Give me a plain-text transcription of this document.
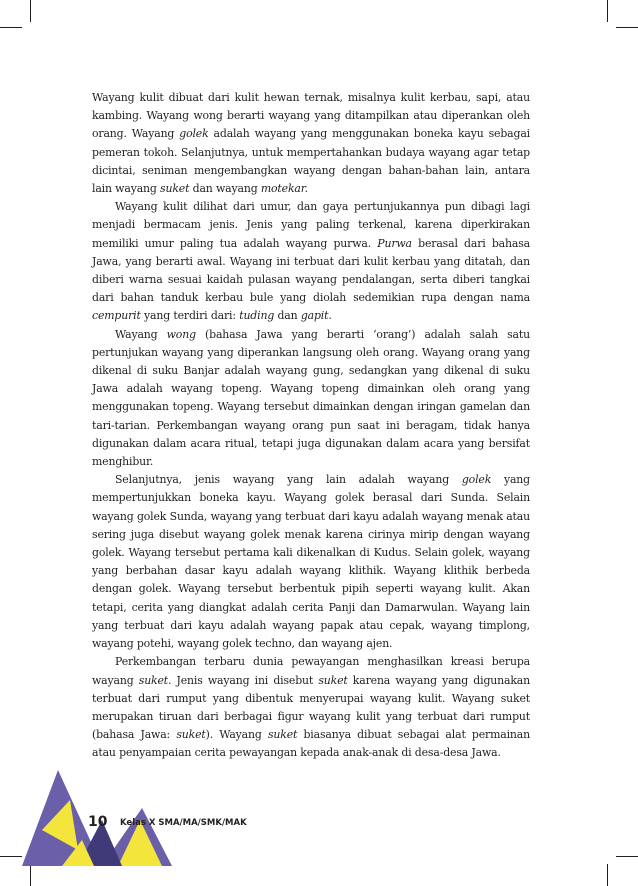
Wayang kulit dibuat dari kulit hewan ternak, misalnya kulit kerbau, sapi, atau kambing. Wayang wong berarti wayang yang ditampilkan atau diperankan oleh orang. Wayang golek adalah wayang yang menggunakan boneka kayu sebagai pemeran tokoh. Selanjutnya, untuk mempertahankan budaya wayang agar tetap dicintai, seniman mengembangkan wayang dengan bahan-bahan lain, antara lain wayang suket dan wayang motekar.

Wayang kulit dilihat dari umur, dan gaya pertunjukannya pun dibagi lagi menjadi bermacam jenis. Jenis yang paling terkenal, karena diperkirakan memiliki umur paling tua adalah wayang purwa. Purwa berasal dari bahasa Jawa, yang berarti awal. Wayang ini terbuat dari kulit kerbau yang ditatah, dan diberi warna sesuai kaidah pulasan wayang pendalangan, serta diberi tangkai dari bahan tanduk kerbau bule yang diolah sedemikian rupa dengan nama cempurit yang terdiri dari: tuding dan gapit.

Wayang wong (bahasa Jawa yang berarti ‘orang’) adalah salah satu pertunjukan wayang yang diperankan langsung oleh orang. Wayang orang yang dikenal di suku Banjar adalah wayang gung, sedangkan yang dikenal di suku Jawa adalah wayang topeng. Wayang topeng dimainkan oleh orang yang menggunakan topeng. Wayang tersebut dimainkan dengan iringan gamelan dan tari-tarian. Perkembangan wayang orang pun saat ini beragam, tidak hanya digunakan dalam acara ritual, tetapi juga digunakan dalam acara yang bersifat menghibur.

Selanjutnya, jenis wayang yang lain adalah wayang golek yang mempertunjukkan boneka kayu. Wayang golek berasal dari Sunda. Selain wayang golek Sunda, wayang yang terbuat dari kayu adalah wayang menak atau sering juga disebut wayang golek menak karena cirinya mirip dengan wayang golek. Wayang tersebut pertama kali dikenalkan di Kudus. Selain golek, wayang yang berbahan dasar kayu adalah wayang klithik. Wayang klithik berbeda dengan golek. Wayang tersebut berbentuk pipih seperti wayang kulit. Akan tetapi, cerita yang diangkat adalah cerita Panji dan Damarwulan. Wayang lain yang terbuat dari kayu adalah wayang papak atau cepak, wayang timplong, wayang potehi, wayang golek techno, dan wayang ajen.

Perkembangan terbaru dunia pewayangan menghasilkan kreasi berupa wayang suket. Jenis wayang ini disebut suket karena wayang yang digunakan terbuat dari rumput yang dibentuk menyerupai wayang kulit. Wayang suket merupakan tiruan dari berbagai figur wayang kulit yang terbuat dari rumput (bahasa Jawa: suket). Wayang suket biasanya dibuat sebagai alat permainan atau penyampaian cerita pewayangan kepada anak-anak di desa-desa Jawa.

10 Kelas X SMA/MA/SMK/MAK
